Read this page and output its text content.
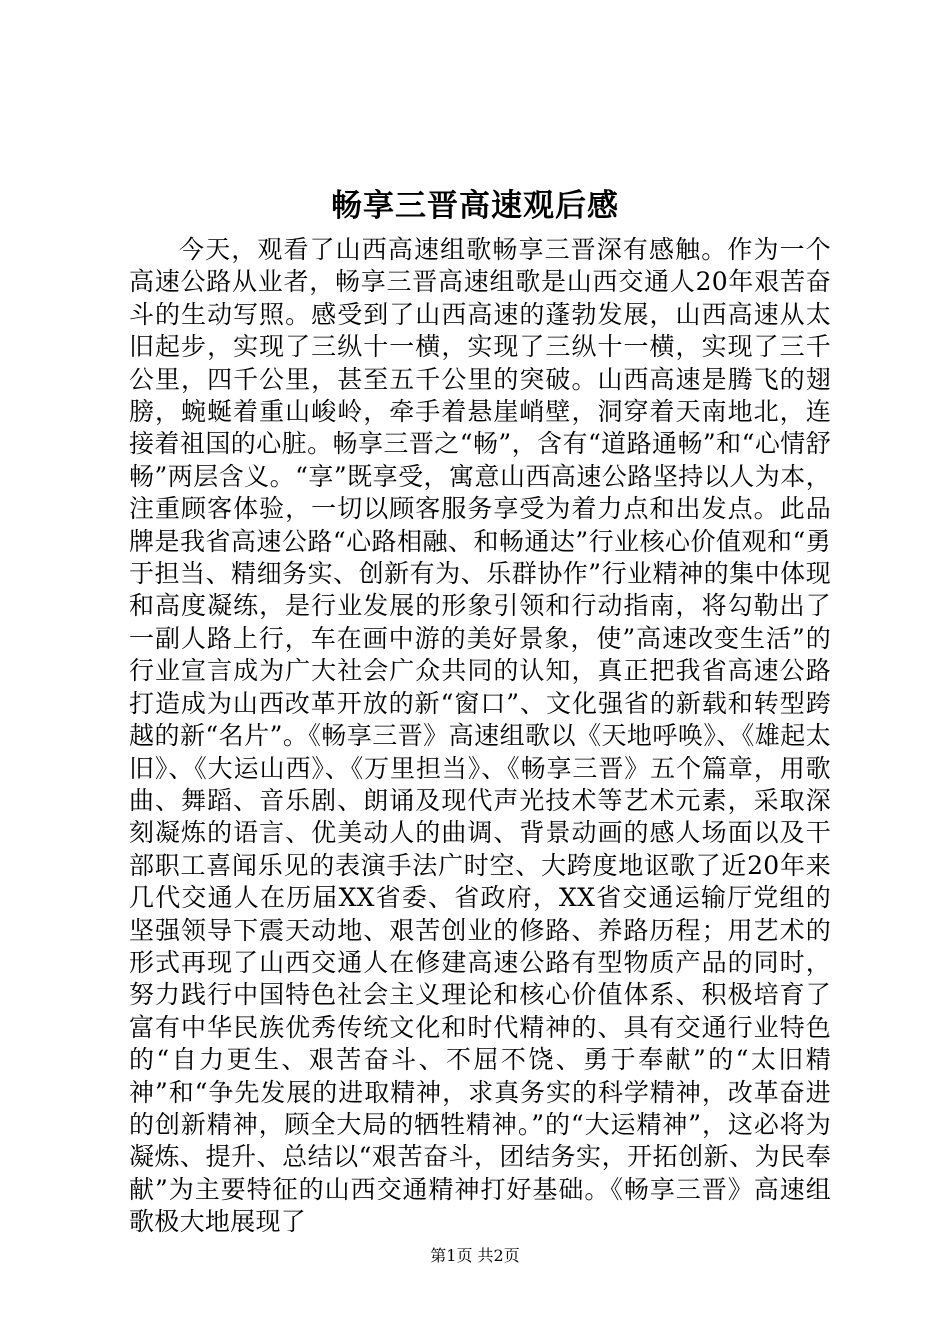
畅享三晋高速观后感

今天，观看了山西高速组歌畅享三晋深有感触。作为一个高速公路从业者，畅享三晋高速组歌是山西交通人20年艰苦奋斗的生动写照。感受到了山西高速的蓬勃发展，山西高速从太旧起步，实现了三纵十一横，实现了三纵十一横，实现了三千公里，四千公里，甚至五千公里的突破。山西高速是腾飞的翅膀，蜿蜒着重山峻岭，牵手着悬崖峭壁，洞穿着天南地北，连接着祖国的心脏。畅享三晋之“畅”，含有“道路通畅”和“心情舒畅”两层含义。“享”既享受，寓意山西高速公路坚持以人为本，注重顾客体验，一切以顾客服务享受为着力点和出发点。此品牌是我省高速公路“心路相融、和畅通达”行业核心价值观和“勇于担当、精细务实、创新有为、乐群协作”行业精神的集中体现和高度凝练，是行业发展的形象引领和行动指南，将勾勒出了一副人路上行，车在画中游的美好景象，使”高速改变生活”的行业宣言成为广大社会广众共同的认知，真正把我省高速公路打造成为山西改革开放的新“窗口”、文化强省的新载和转型跨越的新“名片”。《畅享三晋》高速组歌以《天地呼唤》、《雄起太旧》、《大运山西》、《万里担当》、《畅享三晋》五个篇章，用歌曲、舞蹈、音乐剧、朗诵及现代声光技术等艺术元素，采取深刻凝炼的语言、优美动人的曲调、背景动画的感人场面以及干部职工喜闻乐见的表演手法广时空、大跨度地讴歌了近20年来几代交通人在历届XX省委、省政府，XX省交通运输厅党组的坚强领导下震天动地、艰苦创业的修路、养路历程；用艺术的形式再现了山西交通人在修建高速公路有型物质产品的同时，努力践行中国特色社会主义理论和核心价值体系、积极培育了富有中华民族优秀传统文化和时代精神的、具有交通行业特色的“自力更生、艰苦奋斗、不屈不饶、勇于奉献”的“太旧精神”和“争先发展的进取精神，求真务实的科学精神，改革奋进的创新精神，顾全大局的牺牲精神。”的“大运精神”，这必将为凝炼、提升、总结以“艰苦奋斗，团结务实，开拓创新、为民奉献”为主要特征的山西交通精神打好基础。《畅享三晋》高速组歌极大地展现了

第1页 共2页
